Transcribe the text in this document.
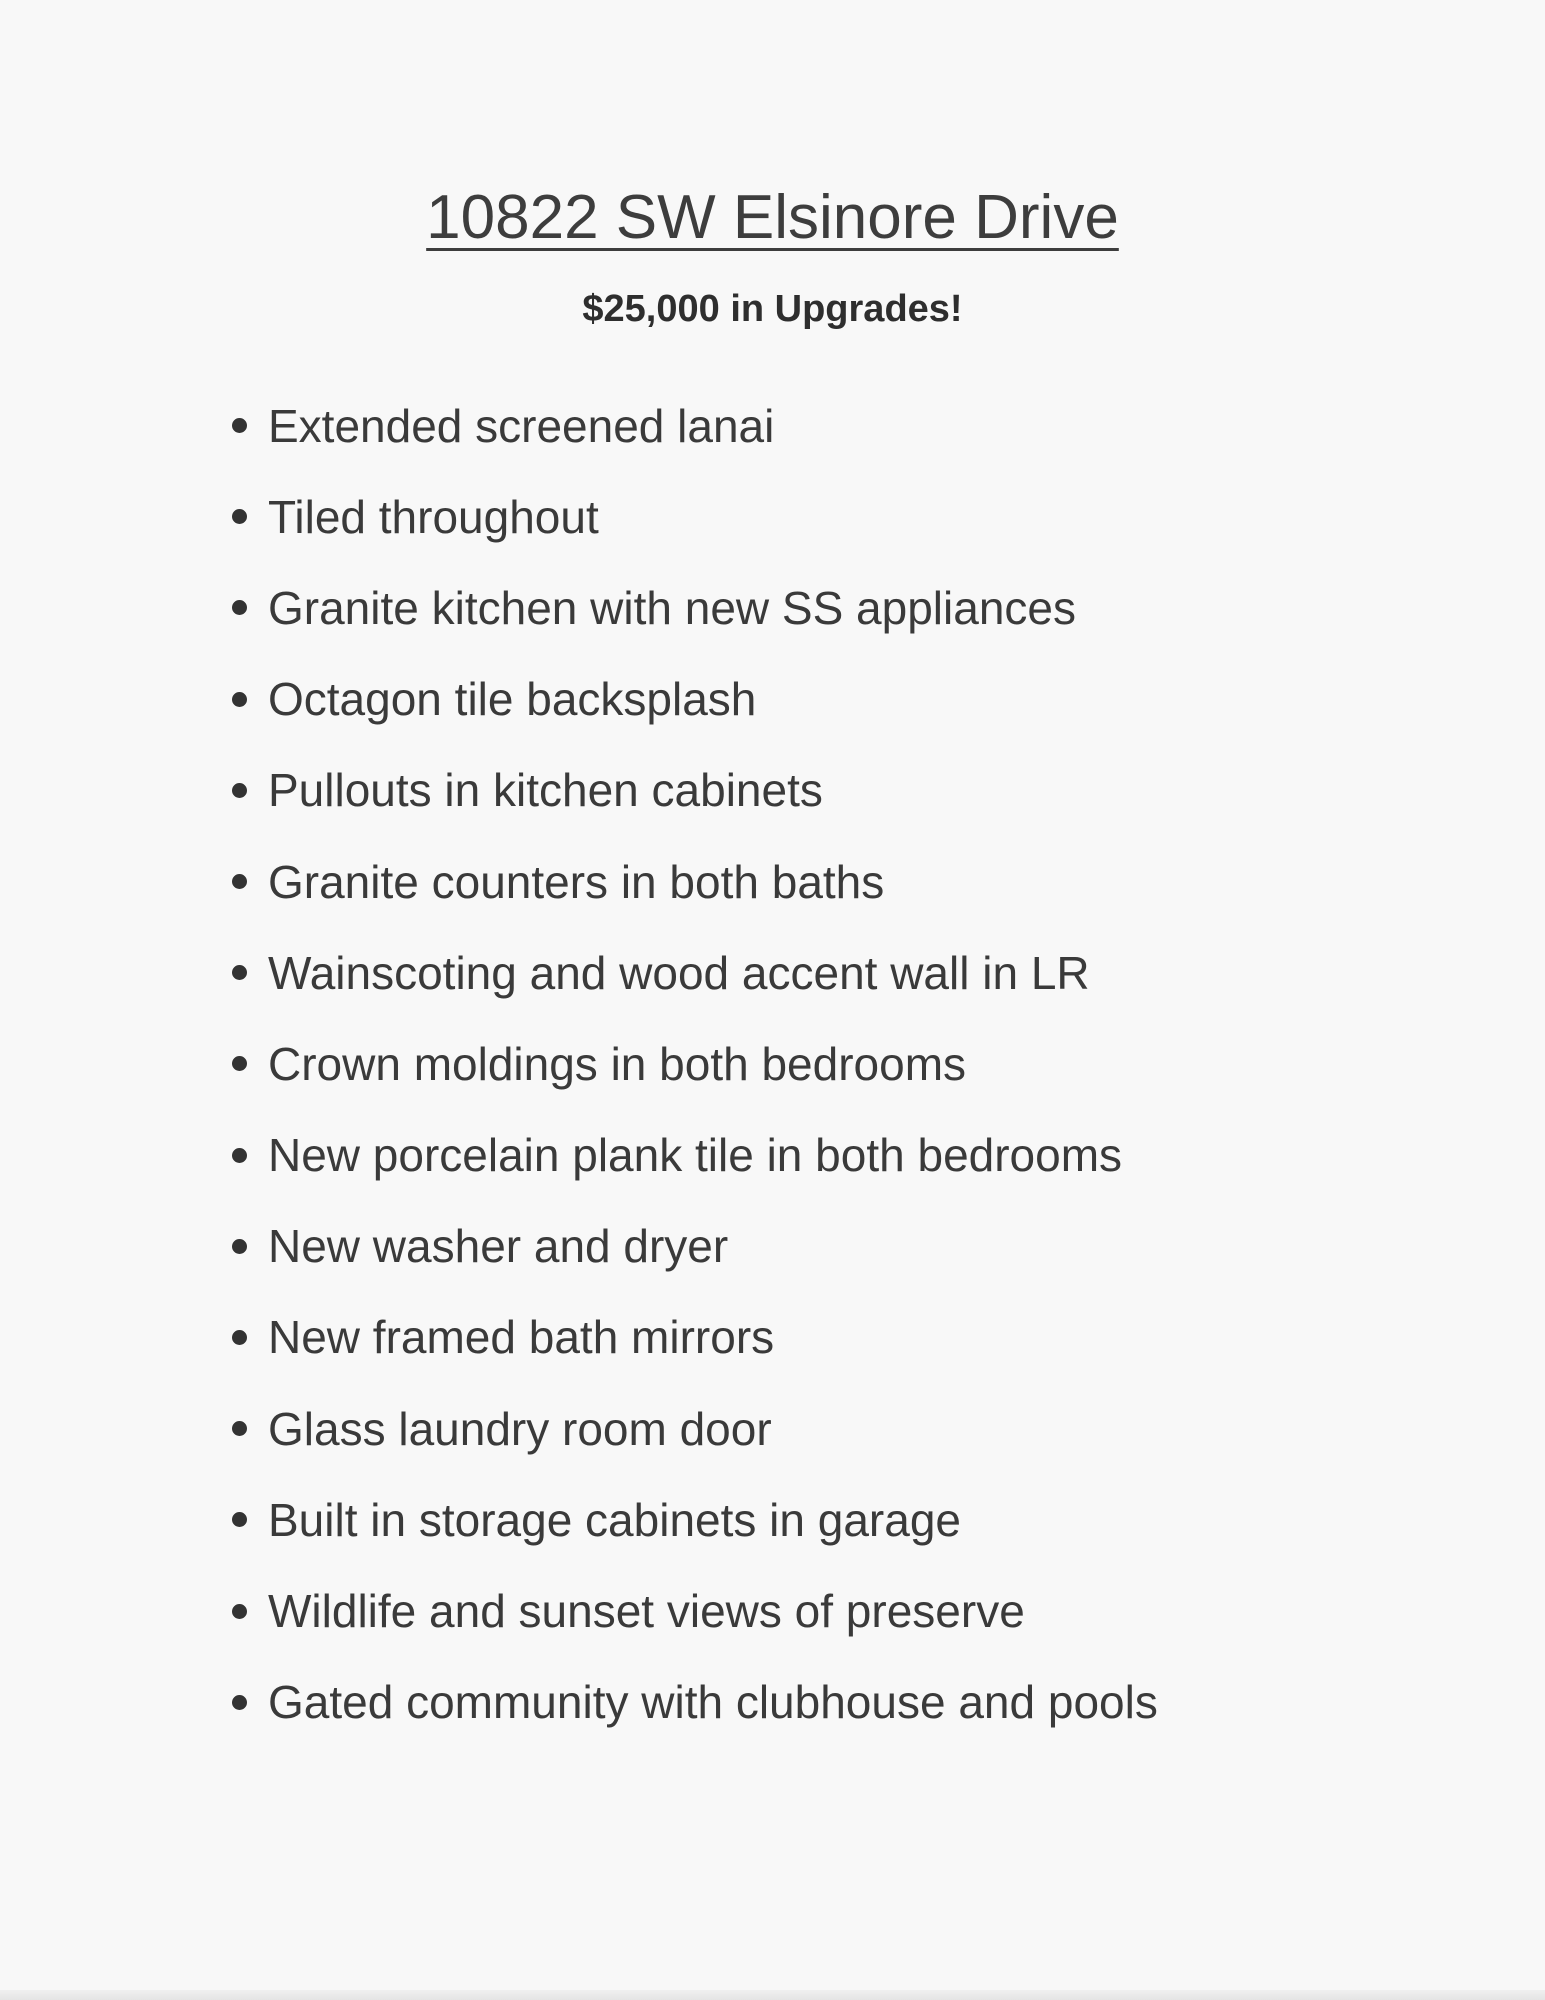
10822 SW Elsinore Drive
$25,000 in Upgrades!
Extended screened lanai
Tiled throughout
Granite kitchen with new SS appliances
Octagon tile backsplash
Pullouts in kitchen cabinets
Granite counters in both baths
Wainscoting and wood accent wall in LR
Crown moldings in both bedrooms
New porcelain plank tile in both bedrooms
New washer and dryer
New framed bath mirrors
Glass laundry room door
Built in storage cabinets in garage
Wildlife and sunset views of preserve
Gated community with clubhouse and pools
